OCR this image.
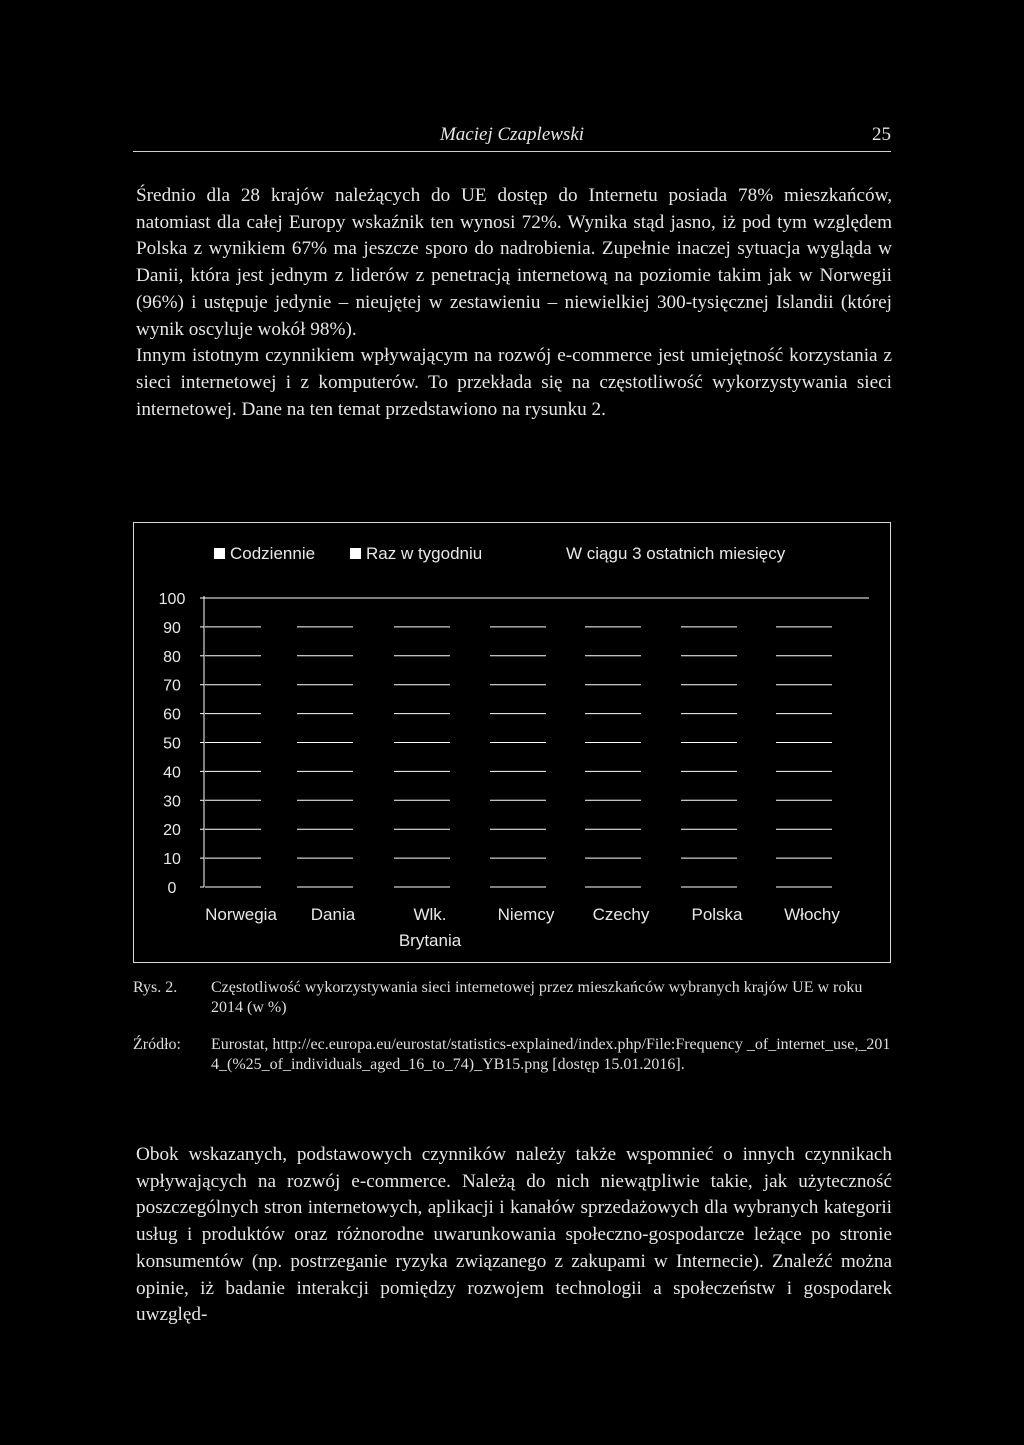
Maciej Czaplewski	25

Średnio dla 28 krajów należących do UE dostęp do Internetu posiada 78% mieszkańców, natomiast dla całej Europy wskaźnik ten wynosi 72%. Wynika stąd jasno, iż pod tym względem Polska z wynikiem 67% ma jeszcze sporo do nadrobienia. Zupełnie inaczej sytuacja wygląda w Danii, która jest jednym z liderów z penetracją internetową na poziomie takim jak w Norwegii (96%) i ustępuje jedynie – nieujętej w zestawieniu – niewielkiej 300-tysięcznej Islandii (której wynik oscyluje wokół 98%).

Innym istotnym czynnikiem wpływającym na rozwój e-commerce jest umiejętność korzystania z sieci internetowej i z komputerów. To przekłada się na częstotliwość wykorzystywania sieci internetowej. Dane na ten temat przedstawiono na rysunku 2.

Codziennie	Raz w tygodniu	W ciągu 3 ostatnich miesięcy
0
10
20
30
40
50
60
70
80
90
100
Norwegia Dania	Wlk.
Brytania
Niemcy Czechy Polska Włochy
Rys. 2. Częstotliwość wykorzystywania sieci internetowej przez mieszkańców wybranych krajów UE w roku 2014 (w %)
Źródło: Eurostat, http://ec.europa.eu/eurostat/statistics-explained/index.php/File:Frequency _of_internet_use,_2014_(%25_of_individuals_aged_16_to_74)_YB15.png [dostęp 15.01.2016].

Obok wskazanych, podstawowych czynników należy także wspomnieć o innych czynnikach wpływających na rozwój e-commerce. Należą do nich niewątpliwie takie, jak użyteczność poszczególnych stron internetowych, aplikacji i kanałów sprzedażowych dla wybranych kategorii usług i produktów oraz różnorodne uwarunkowania społeczno-gospodarcze leżące po stronie konsumentów (np. postrzeganie ryzyka związanego z zakupami w Internecie). Znaleźć można opinie, iż badanie interakcji pomiędzy rozwojem technologii a społeczeństw i gospodarek uwzględ-
